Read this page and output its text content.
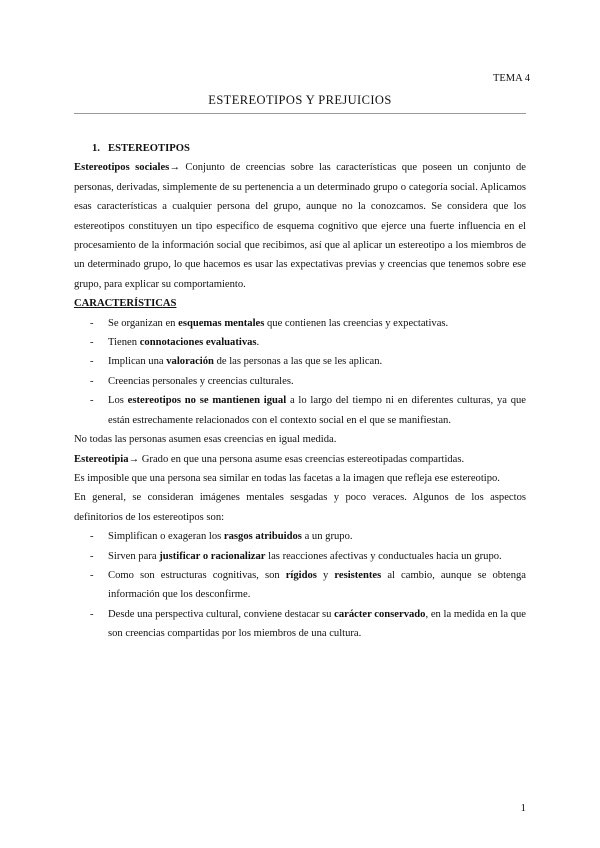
TEMA 4
ESTEREOTIPOS Y PREJUICIOS

1. ESTEREOTIPOS

Estereotipos sociales→ Conjunto de creencias sobre las características que poseen un conjunto de personas, derivadas, simplemente de su pertenencia a un determinado grupo o categoría social. Aplicamos esas características a cualquier persona del grupo, aunque no la conozcamos. Se considera que los estereotipos constituyen un tipo específico de esquema cognitivo que ejerce una fuerte influencia en el procesamiento de la información social que recibimos, así que al aplicar un estereotipo a los miembros de un determinado grupo, lo que hacemos es usar las expectativas previas y creencias que tenemos sobre ese grupo, para explicar su comportamiento.

CARACTERÍSTICAS

- Se organizan en esquemas mentales que contienen las creencias y expectativas.
- Tienen connotaciones evaluativas.
- Implican una valoración de las personas a las que se les aplican.
- Creencias personales y creencias culturales.
- Los estereotipos no se mantienen igual a lo largo del tiempo ni en diferentes culturas, ya que están estrechamente relacionados con el contexto social en el que se manifiestan.

No todas las personas asumen esas creencias en igual medida.

Estereotipia→ Grado en que una persona asume esas creencias estereotipadas compartidas.

Es imposible que una persona sea similar en todas las facetas a la imagen que refleja ese estereotipo.

En general, se consideran imágenes mentales sesgadas y poco veraces. Algunos de los aspectos definitorios de los estereotipos son:

- Simplifican o exageran los rasgos atribuidos a un grupo.
- Sirven para justificar o racionalizar las reacciones afectivas y conductuales hacia un grupo.
- Como son estructuras cognitivas, son rígidos y resistentes al cambio, aunque se obtenga información que los desconfirme.
- Desde una perspectiva cultural, conviene destacar su carácter conservado, en la medida en la que son creencias compartidas por los miembros de una cultura.
1
